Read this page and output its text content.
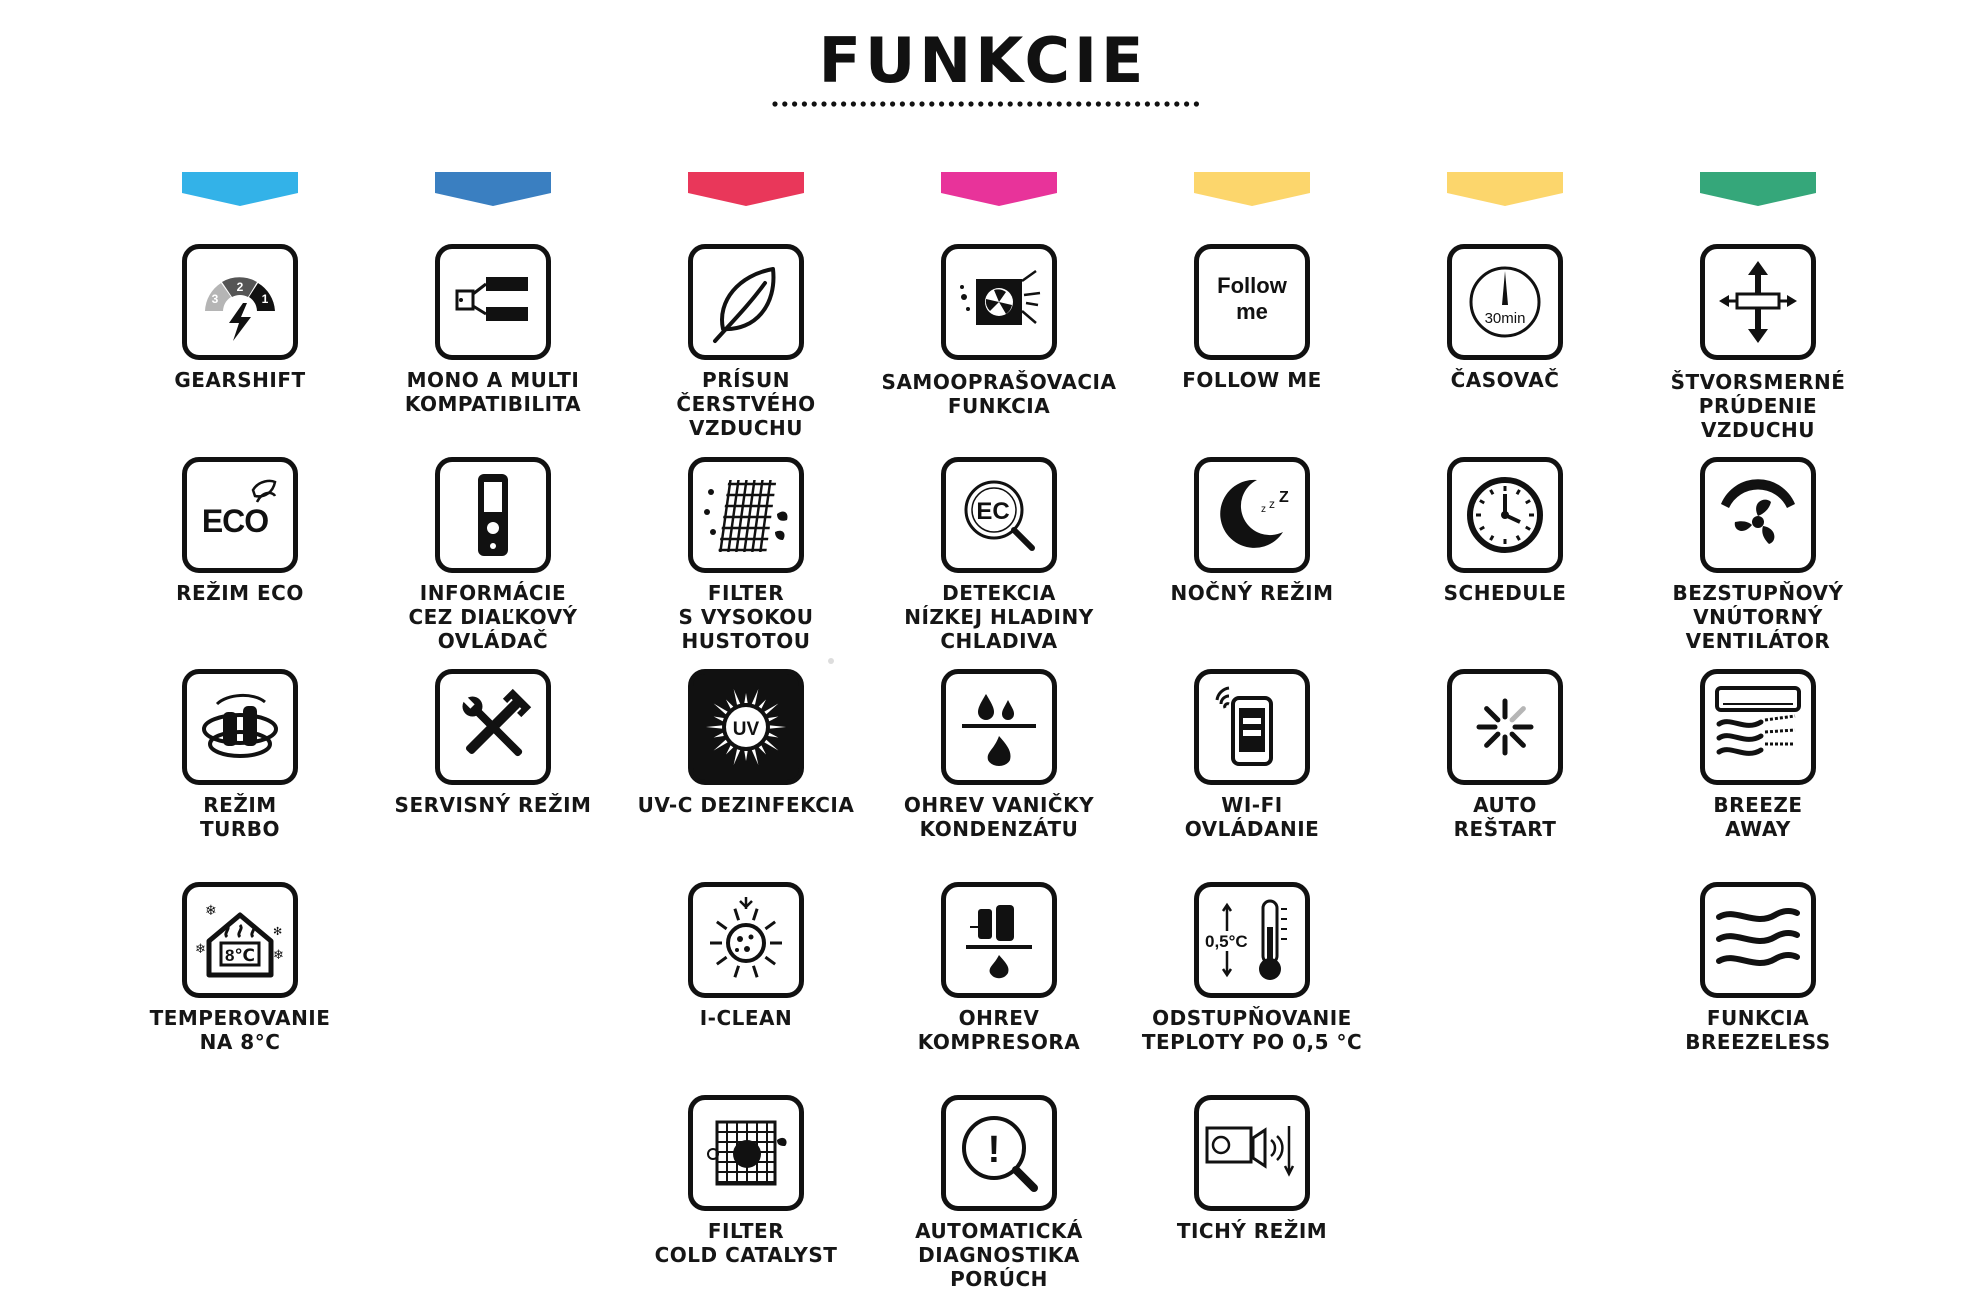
FUNKCIE
3
2
1
GEARSHIFT	MONO A MULTI
KOMPATIBILITA
PRÍSUN
ČERSTVÉHO
VZDUCHU
SAMOOPRAŠOVACIA
FUNKCIA
Follow
me
FOLLOW ME
30min
ČASOVAČ	ŠTVORSMERNÉ
PRÚDENIE
VZDUCHU
ECO
REŽIM ECO	INFORMÁCIE
CEZ DIAĽKOVÝ
OVLÁDAČ
FILTER
S VYSOKOU
HUSTOTOU
EC
DETEKCIA
NÍZKEJ HLADINY
CHLADIVA
Z
z
z
NOČNÝ REŽIM	SCHEDULE	BEZSTUPŇOVÝ
VNÚTORNÝ
VENTILÁTOR
REŽIM
TURBO
SERVISNÝ REŽIM
UV
UV-C DEZINFEKCIA	OHREV VANIČKY
KONDENZÁTU
WI-FI
OVLÁDANIE
AUTO
REŠTART
BREEZE
AWAY
8℃
❄
❄
✻
❄
TEMPEROVANIE
NA 8°C
I-CLEAN	OHREV
KOMPRESORA
0,5°C
ODSTUPŇOVANIE
TEPLOTY PO 0,5 °C
FUNKCIA
BREEZELESS
FILTER
COLD CATALYST
!
AUTOMATICKÁ
DIAGNOSTIKA PORÚCH
TICHÝ REŽIM
